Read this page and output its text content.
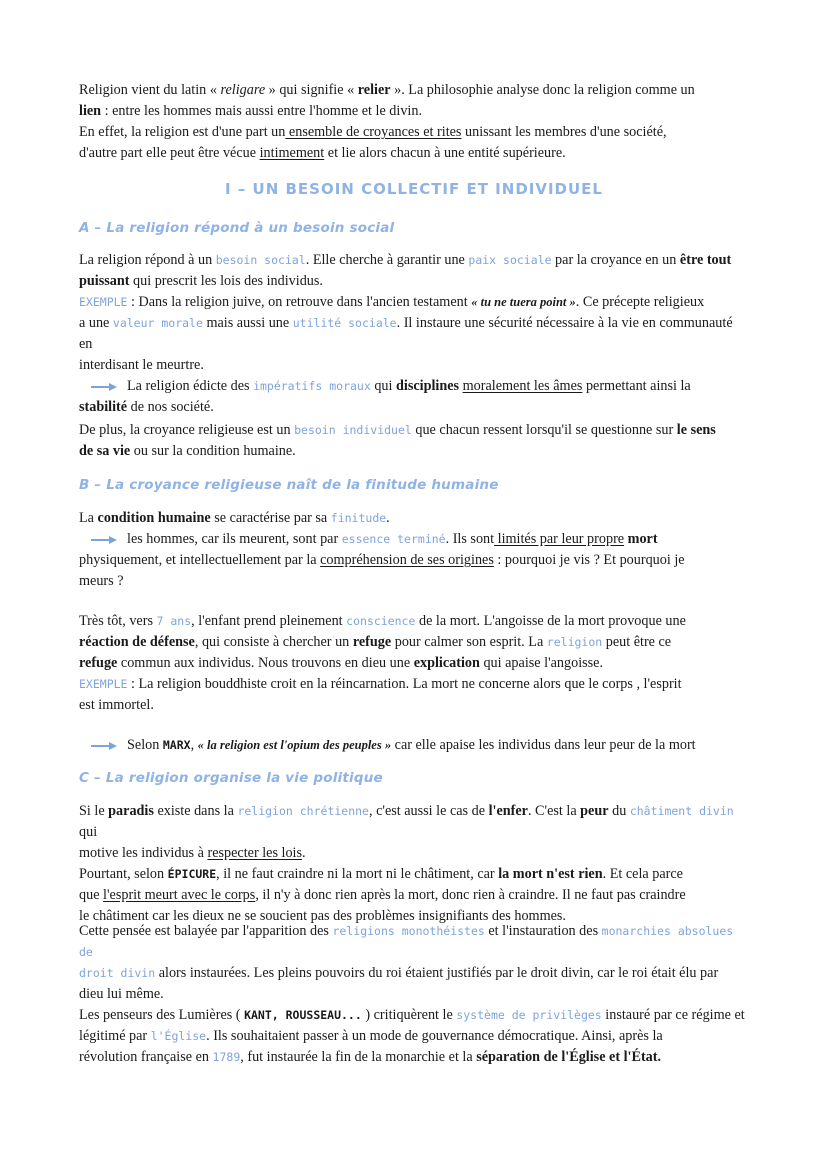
Religion vient du latin « religare » qui signifie « relier ». La philosophie analyse donc la religion comme un
lien : entre les hommes mais aussi entre l'homme et le divin.
En effet, la religion est d'une part un ensemble de croyances et rites unissant les membres d'une société,
d'autre part elle peut être vécue intimement et lie alors chacun à une entité supérieure.

I – UN BESOIN COLLECTIF ET INDIVIDUEL
A – La religion répond à un besoin social

La religion répond à un besoin social. Elle cherche à garantir une paix sociale par la croyance en un être tout
puissant qui prescrit les lois des individus.
EXEMPLE : Dans la religion juive, on retrouve dans l'ancien testament « tu ne tuera point ». Ce précepte religieux
a une valeur morale mais aussi une utilité sociale. Il instaure une sécurité nécessaire à la vie en communauté en
interdisant le meurtre.
La religion édicte des impératifs moraux qui disciplines moralement les âmes permettant ainsi la
stabilité de nos société.

De plus, la croyance religieuse est un besoin individuel que chacun ressent lorsqu'il se questionne sur le sens
de sa vie ou sur la condition humaine.

B – La croyance religieuse naît de la finitude humaine

La condition humaine se caractérise par sa finitude.
les hommes, car ils meurent, sont par essence terminé. Ils sont limités par leur propre mort
physiquement, et intellectuellement par la compréhension de ses origines : pourquoi je vis ? Et pourquoi je
meurs ?

Très tôt, vers 7 ans, l'enfant prend pleinement conscience de la mort. L'angoisse de la mort provoque une
réaction de défense, qui consiste à chercher un refuge pour calmer son esprit. La religion peut être ce
refuge commun aux individus. Nous trouvons en dieu une explication qui apaise l'angoisse.
EXEMPLE : La religion bouddhiste croit en la réincarnation. La mort ne concerne alors que le corps , l'esprit
est immortel.

Selon MARX, « la religion est l'opium des peuples » car elle apaise les individus dans leur peur de la mort

C – La religion organise la vie politique

Si le paradis existe dans la religion chrétienne, c'est aussi le cas de l'enfer. C'est la peur du châtiment divin qui
motive les individus à respecter les lois.
Pourtant, selon ÉPICURE, il ne faut craindre ni la mort ni le châtiment, car la mort n'est rien. Et cela parce
que l'esprit meurt avec le corps, il n'y à donc rien après la mort, donc rien à craindre. Il ne faut pas craindre
le châtiment car les dieux ne se soucient pas des problèmes insignifiants des hommes.

Cette pensée est balayée par l'apparition des religions monothéistes et l'instauration des monarchies absolues de
droit divin alors instaurées. Les pleins pouvoirs du roi étaient justifiés par le droit divin, car le roi était élu par
dieu lui même.
Les penseurs des Lumières ( KANT, ROUSSEAU... ) critiquèrent le système de privilèges instauré par ce régime et
légitimé par l'Église. Ils souhaitaient passer à un mode de gouvernance démocratique. Ainsi, après la
révolution française en 1789, fut instaurée la fin de la monarchie et la séparation de l'Église et l'État.
